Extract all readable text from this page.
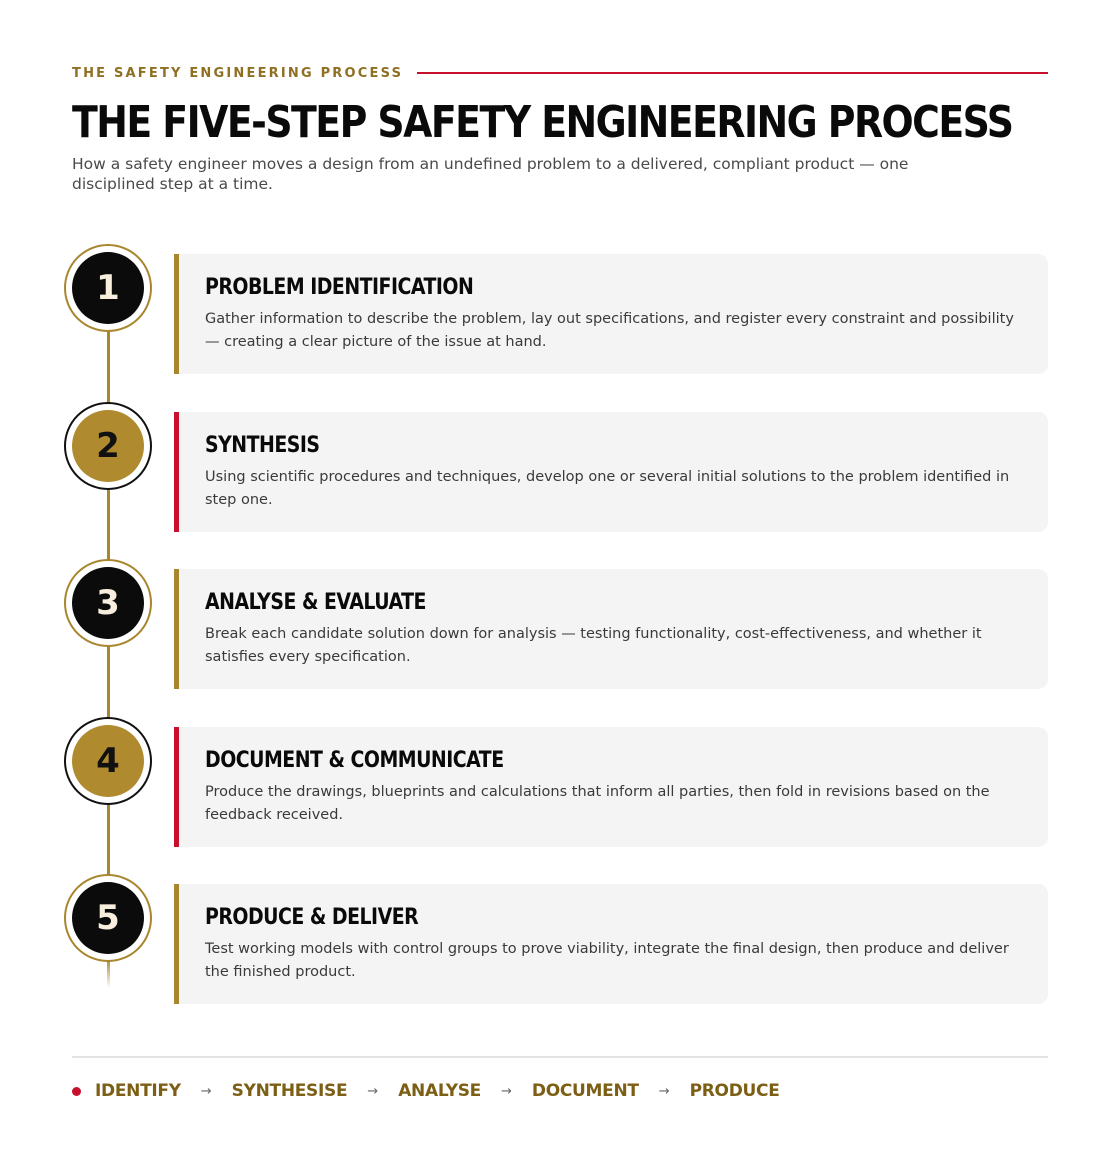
THE SAFETY ENGINEERING PROCESS
THE FIVE-STEP SAFETY ENGINEERING PROCESS

How a safety engineer moves a design from an undefined problem to a delivered, compliant product — one disciplined step at a time.

1	PROBLEM IDENTIFICATION
Gather information to describe the problem, lay out specifications, and register every constraint and possibility — creating a clear picture of the issue at hand.
2	SYNTHESIS
Using scientific procedures and techniques, develop one or several initial solutions to the problem identified in step one.
3	ANALYSE & EVALUATE
Break each candidate solution down for analysis — testing functionality, cost-effectiveness, and whether it satisfies every specification.
4	DOCUMENT & COMMUNICATE
Produce the drawings, blueprints and calculations that inform all parties, then fold in revisions based on the feedback received.
5	PRODUCE & DELIVER
Test working models with control groups to prove viability, integrate the final design, then produce and deliver the finished product.
IDENTIFY → SYNTHESISE → ANALYSE → DOCUMENT → PRODUCE
